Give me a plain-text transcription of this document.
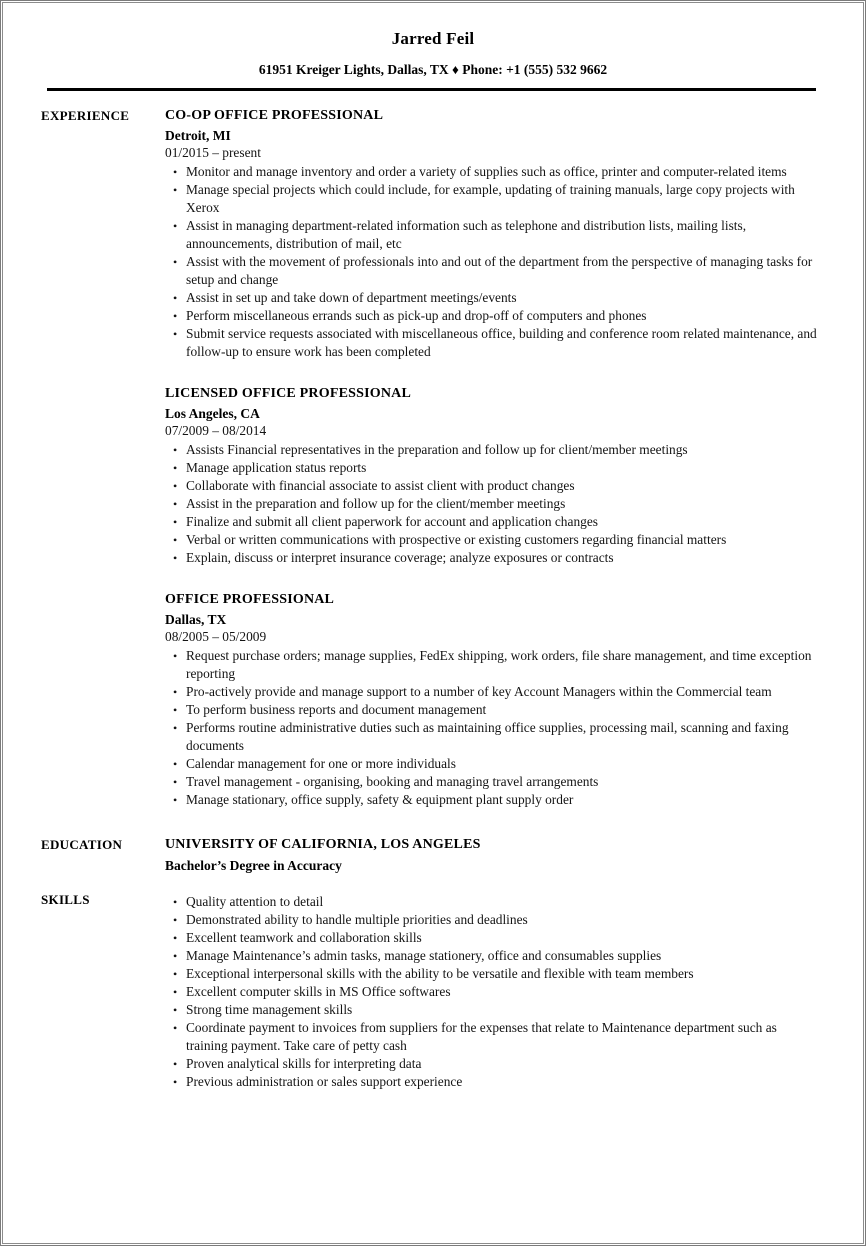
Jarred Feil
61951 Kreiger Lights, Dallas, TX ♦ Phone: +1 (555) 532 9662
EXPERIENCE	CO-OP OFFICE PROFESSIONAL
Detroit, MI
01/2015 – present
• Monitor and manage inventory and order a variety of supplies such as office, printer and computer-related items
• Manage special projects which could include, for example, updating of training manuals, large copy projects with Xerox
• Assist in managing department-related information such as telephone and distribution lists, mailing lists, announcements, distribution of mail, etc
• Assist with the movement of professionals into and out of the department from the perspective of managing tasks for setup and change
• Assist in set up and take down of department meetings/events
• Perform miscellaneous errands such as pick-up and drop-off of computers and phones
• Submit service requests associated with miscellaneous office, building and conference room related maintenance, and follow-up to ensure work has been completed
LICENSED OFFICE PROFESSIONAL
Los Angeles, CA
07/2009 – 08/2014
• Assists Financial representatives in the preparation and follow up for client/member meetings
• Manage application status reports
• Collaborate with financial associate to assist client with product changes
• Assist in the preparation and follow up for the client/member meetings
• Finalize and submit all client paperwork for account and application changes
• Verbal or written communications with prospective or existing customers regarding financial matters
• Explain, discuss or interpret insurance coverage; analyze exposures or contracts
OFFICE PROFESSIONAL
Dallas, TX
08/2005 – 05/2009
• Request purchase orders; manage supplies, FedEx shipping, work orders, file share management, and time exception reporting
• Pro-actively provide and manage support to a number of key Account Managers within the Commercial team
• To perform business reports and document management
• Performs routine administrative duties such as maintaining office supplies, processing mail, scanning and faxing documents
• Calendar management for one or more individuals
• Travel management - organising, booking and managing travel arrangements
• Manage stationary, office supply, safety & equipment plant supply order
EDUCATION	UNIVERSITY OF CALIFORNIA, LOS ANGELES
Bachelor’s Degree in Accuracy
SKILLS	• Quality attention to detail
• Demonstrated ability to handle multiple priorities and deadlines
• Excellent teamwork and collaboration skills
• Manage Maintenance’s admin tasks, manage stationery, office and consumables supplies
• Exceptional interpersonal skills with the ability to be versatile and flexible with team members
• Excellent computer skills in MS Office softwares
• Strong time management skills
• Coordinate payment to invoices from suppliers for the expenses that relate to Maintenance department such as training payment. Take care of petty cash
• Proven analytical skills for interpreting data
• Previous administration or sales support experience
